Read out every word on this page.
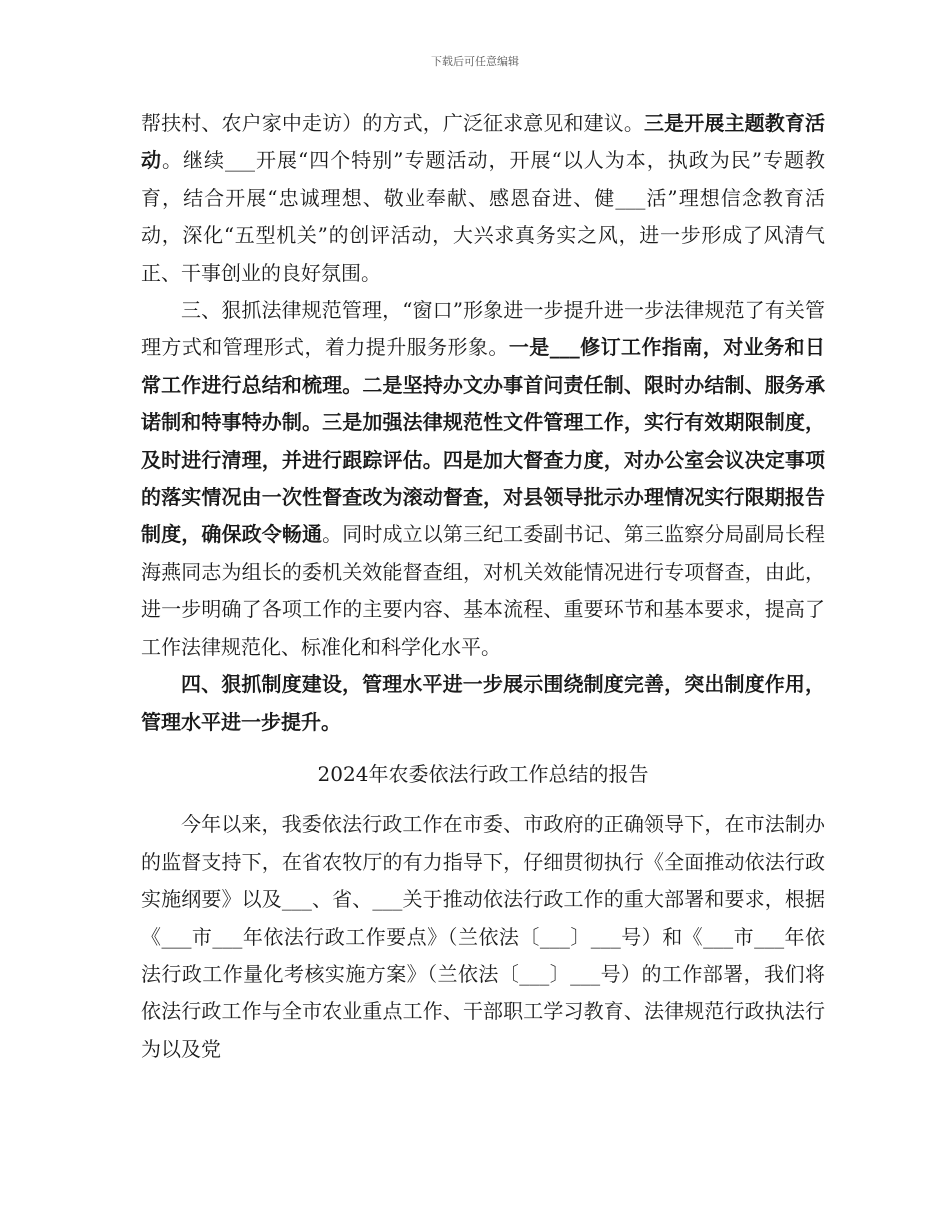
下载后可任意编辑

帮扶村、农户家中走访）的方式，广泛征求意见和建议。三是开展主题教育活动。继续___开展“四个特别”专题活动，开展“以人为本，执政为民”专题教育，结合开展“忠诚理想、敬业奉献、感恩奋进、健___活”理想信念教育活动，深化“五型机关”的创评活动，大兴求真务实之风，进一步形成了风清气正、干事创业的良好氛围。

三、狠抓法律规范管理，“窗口”形象进一步提升进一步法律规范了有关管理方式和管理形式，着力提升服务形象。一是___修订工作指南，对业务和日常工作进行总结和梳理。二是坚持办文办事首问责任制、限时办结制、服务承诺制和特事特办制。三是加强法律规范性文件管理工作，实行有效期限制度，及时进行清理，并进行跟踪评估。四是加大督查力度，对办公室会议决定事项的落实情况由一次性督查改为滚动督查，对县领导批示办理情况实行限期报告制度，确保政令畅通。同时成立以第三纪工委副书记、第三监察分局副局长程海燕同志为组长的委机关效能督查组，对机关效能情况进行专项督查，由此，进一步明确了各项工作的主要内容、基本流程、重要环节和基本要求，提高了工作法律规范化、标准化和科学化水平。

四、狠抓制度建设，管理水平进一步展示围绕制度完善，突出制度作用，管理水平进一步提升。

2024年农委依法行政工作总结的报告

今年以来，我委依法行政工作在市委、市政府的正确领导下，在市法制办的监督支持下，在省农牧厅的有力指导下，仔细贯彻执行《全面推动依法行政实施纲要》以及___、省、___关于推动依法行政工作的重大部署和要求，根据《___市___年依法行政工作要点》（兰依法〔___〕___号）和《___市___年依法行政工作量化考核实施方案》（兰依法〔___〕___号）的工作部署，我们将依法行政工作与全市农业重点工作、干部职工学习教育、法律规范行政执法行为以及党
